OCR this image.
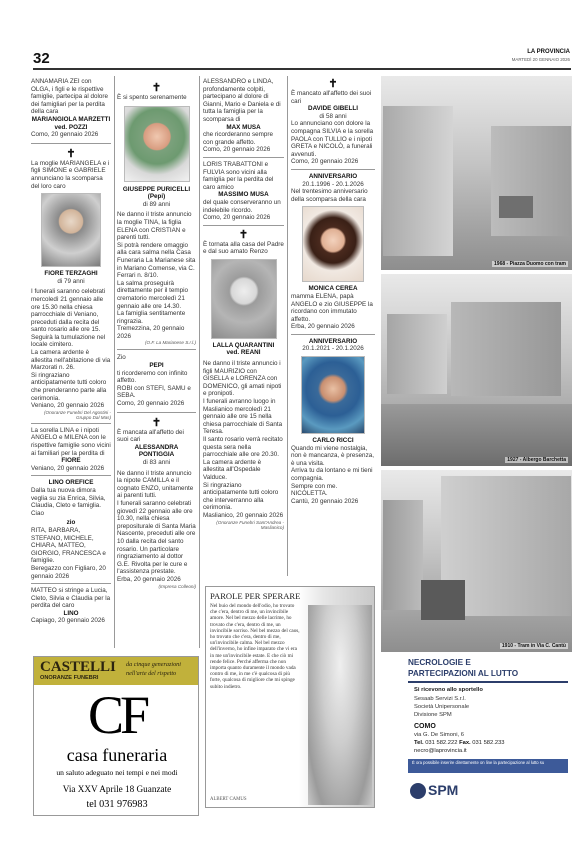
32	LA PROVINCIA
MARTEDÌ 20 GENNAIO 2026
ANNAMARIA ZEI con OLGA, i figli e le rispettive famiglie, partecipa al dolore dei famigliari per la perdita della cara
MARIANGIOLA MARZETTI
ved. POZZI
Como, 20 gennaio 2026
✝
La moglie MARIANGELA e i figli SIMONE e GABRIELE annunciano la scomparsa del loro caro
FIORE TERZAGHI
di 79 anni
I funerali saranno celebrati mercoledì 21 gennaio alle ore 15.30 nella chiesa parrocchiale di Veniano, preceduti dalla recita del santo rosario alle ore 15.
Seguirà la tumulazione nel locale cimitero.
La camera ardente è allestita nell'abitazione di via Marzorati n. 26.
Si ringraziano anticipatamente tutti coloro che prenderanno parte alla cerimonia.
Veniano, 20 gennaio 2026
(Onoranze Funebri Del Agostini - Gruppo Dal Mas)
La sorella LINA e i nipoti ANGELO e MILENA con le rispettive famiglie sono vicini ai familiari per la perdita di
FIORE
Veniano, 20 gennaio 2026
LINO OREFICE
Dalla tua nuova dimora veglia su zia Enrica, Silvia, Claudia, Cleto e famiglia. Ciao
zio
RITA, BARBARA, STEFANO, MICHELE, CHIARA, MATTEO, GIORGIO, FRANCESCA e famiglie.
Beregazzo con Figliaro, 20 gennaio 2026
MATTEO si stringe a Lucia, Cleto, Silvia e Claudia per la perdita del caro
LINO
Capiago, 20 gennaio 2026
✝
È si spento serenamente
GIUSEPPE PURICELLI
(Pepi)
di 89 anni
Ne danno il triste annuncio la moglie TINA, la figlia ELENA con CRISTIAN e parenti tutti.
Si potrà rendere omaggio alla cara salma nella Casa Funeraria La Marianese sita in Mariano Comense, via C. Ferrari n. 8/10.
La salma proseguirà direttamente per il tempio crematorio mercoledì 21 gennaio alle ore 14.30.
La famiglia sentitamente ringrazia.
Tremezzina, 20 gennaio 2026
(O.F. La Marianese S.r.l.)
Zio
PEPI
ti ricorderemo con infinito affetto.
ROBI con STEFI, SAMU e SEBA.
Como, 20 gennaio 2026
✝
È mancata all'affetto dei suoi cari
ALESSANDRA PONTIGGIA
di 83 anni
Ne danno il triste annuncio la nipote CAMILLA e il cognato ENZO, unitamente ai parenti tutti.
I funerali saranno celebrati giovedì 22 gennaio alle ore 10.30, nella chiesa prepositurale di Santa Maria Nascente, preceduti alle ore 10 dalla recita del santo rosario. Un particolare ringraziamento al dottor G.E. Rivolta per le cure e l'assistenza prestate.
Erba, 20 gennaio 2026
(Impresa Colleoni)
ALESSANDRO e LINDA, profondamente colpiti, partecipano al dolore di Gianni, Mario e Daniela e di tutta la famiglia per la scomparsa di
MAX MUSA
che ricorderanno sempre con grande affetto.
Como, 20 gennaio 2026
LORIS TRABATTONI e FULVIA sono vicini alla famiglia per la perdita del caro amico
MASSIMO MUSA
del quale conserveranno un indelebile ricordo.
Como, 20 gennaio 2026
✝
È tornata alla casa del Padre e dal suo amato Renzo
LALLA QUARANTINI
ved. REANI
Ne danno il triste annuncio i figli MAURIZIO con GISELLA e LORENZA con DOMENICO, gli amati nipoti e pronipoti.
I funerali avranno luogo in Maslianico mercoledì 21 gennaio alle ore 15 nella chiesa parrocchiale di Santa Teresa.
Il santo rosario verrà recitato questa sera nella parrocchiale alle ore 20.30.
La camera ardente è allestita all'Ospedale Valduce.
Si ringraziano anticipatamente tutti coloro che interverranno alla cerimonia.
Maslianico, 20 gennaio 2026
(Onoranze Funebri Sant'Andrea - Maslianico)
✝
È mancato all'affetto dei suoi cari
DAVIDE GIBELLI
di 58 anni
Lo annunciano con dolore la compagna SILVIA e la sorella PAOLA con TULLIO e i nipoti GRETA e NICOLÒ, a funerali avvenuti.
Como, 20 gennaio 2026
ANNIVERSARIO
20.1.1996 - 20.1.2026
Nel trentesimo anniversario della scomparsa della cara
MONICA CEREA
mamma ELENA, papà ANGELO e zio GIUSEPPE la ricordano con immutato affetto.
Erba, 20 gennaio 2026
ANNIVERSARIO
20.1.2021 - 20.1.2026
CARLO RICCI
Quando mi viene nostalgia, non è mancanza, è presenza, è una visita.
Arriva tu da lontano e mi tieni compagnia.
Sempre con me.
NICOLETTA.
Cantù, 20 gennaio 2026
1968 - Piazza Duomo con tram
1927 - Albergo Barchetta
1910 - Tram in Via C. Cantù
CASTELLI
ONORANZE FUNEBRI
da cinque generazioni
nell'arte del rispetto
CF
casa funeraria
un saluto adeguato nei tempi e nei modi
Via XXV Aprile 18 Guanzate
tel 031 976983
PAROLE PER SPERARE
Nel buio del mondo dell'odio, ho trovato che c'era, dentro di me, un invincibile amore. Nel bel mezzo delle lacrime, ho trovato che c'era, dentro di me, un invincibile sorriso. Nel bel mezzo del caos, ho trovato che c'era, dentro di me, un'invincibile calma. Nel bel mezzo dell'inverno, ho infine imparato che vi era in me un'invincibile estate. E che ciò mi rende felice. Perché afferma che non importa quanto duramente il mondo vada contro di me, in me c'è qualcosa di più forte, qualcosa di migliore che mi spinge subito indietro.
ALBERT CAMUS
NECROLOGIE E
PARTECIPAZIONI AL LUTTO
Si ricevono allo sportello
Sesaab Servizi S.r.l.
Società Unipersonale
Divisione SPM
COMO
via G. De Simoni, 6
Tel. 031 582.222 Fax. 031 582.233
necro@laprovincia.it
È ora possibile inserire direttamente on line la partecipazione al lutto su
SPM
